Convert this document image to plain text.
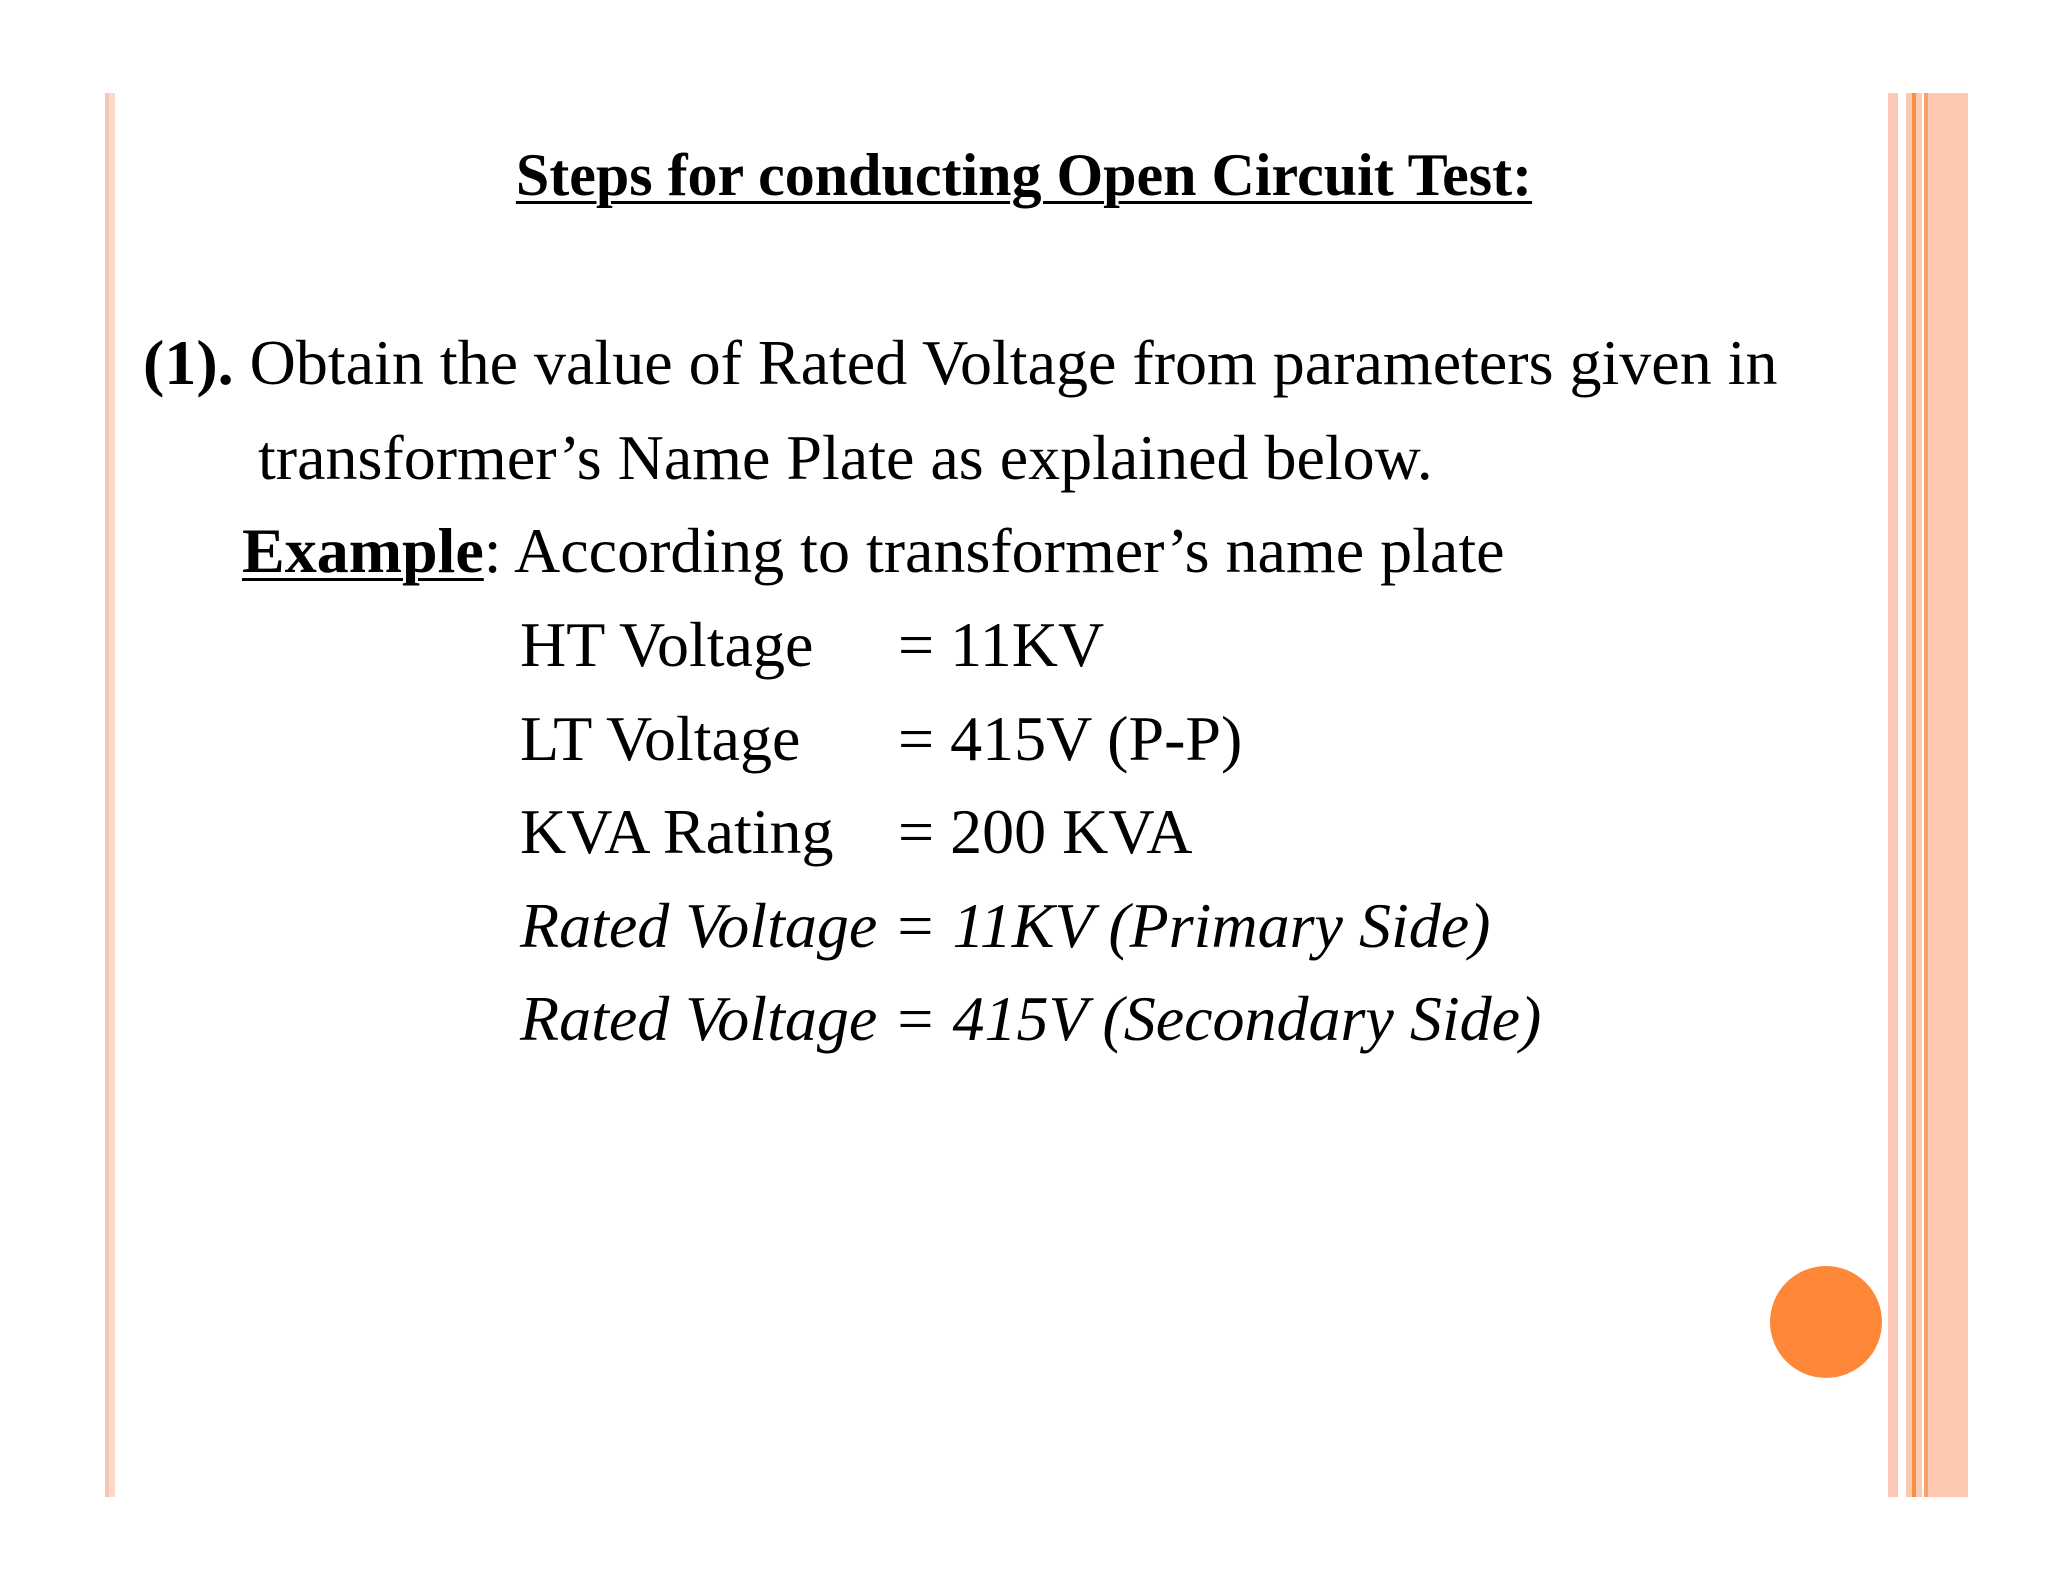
Steps for conducting Open Circuit Test:
(1). Obtain the value of Rated Voltage from parameters given in
transformer’s Name Plate as explained below.
Example: According to transformer’s name plate
HT Voltage = 11KV
LT Voltage = 415V (P-P)
KVA Rating = 200 KVA
Rated Voltage = 11KV (Primary Side)
Rated Voltage = 415V (Secondary Side)
